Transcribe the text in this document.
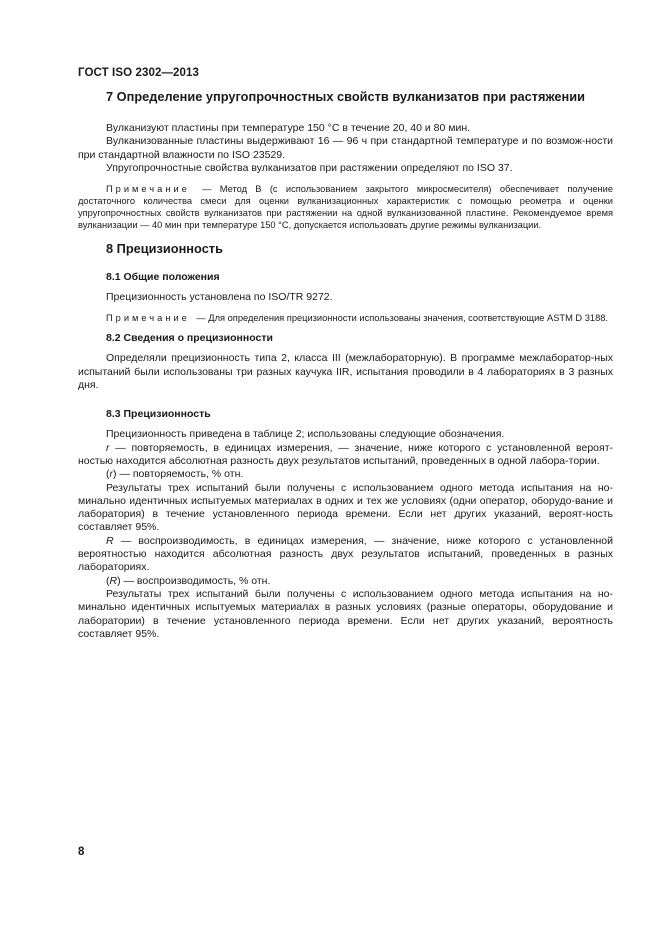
ГОСТ ISO 2302—2013
7 Определение упругопрочностных свойств вулканизатов при растяжении

Вулканизуют пластины при температуре 150 °С в течение 20, 40 и 80 мин.

Вулканизованные пластины выдерживают 16 — 96 ч при стандартной температуре и по возмож-ности при стандартной влажности по ISO 23529.

Упругопрочностные свойства вулканизатов при растяжении определяют по ISO 37.

Примечание — Метод В (с использованием закрытого микросмесителя) обеспечивает получение достаточного количества смеси для оценки вулканизационных характеристик с помощью реометра и оценки упругопрочностных свойств вулканизатов при растяжении на одной вулканизованной пластине. Рекомендуемое время вулканизации — 40 мин при температуре 150 °С, допускается использовать другие режимы вулканизации.

8 Прецизионность
8.1 Общие положения

Прецизионность установлена по ISO/TR 9272.

Примечание — Для определения прецизионности использованы значения, соответствующие ASTM D 3188.

8.2 Сведения о прецизионности

Определяли прецизионность типа 2, класса III (межлабораторную). В программе межлаборатор-ных испытаний были использованы три разных каучука IIR, испытания проводили в 4 лабораториях в 3 разных дня.

8.3 Прецизионность

Прецизионность приведена в таблице 2; использованы следующие обозначения.

r — повторяемость, в единицах измерения, — значение, ниже которого с установленной вероят-ностью находится абсолютная разность двух результатов испытаний, проведенных в одной лабора-тории.

(r) — повторяемость, % отн.

Результаты трех испытаний были получены с использованием одного метода испытания на но-минально идентичных испытуемых материалах в одних и тех же условиях (одни оператор, оборудо-вание и лаборатория) в течение установленного периода времени. Если нет других указаний, вероят-ность составляет 95%.

R — воспроизводимость, в единицах измерения, — значение, ниже которого с установленной вероятностью находится абсолютная разность двух результатов испытаний, проведенных в разных лабораториях.

(R) — воспроизводимость, % отн.

Результаты трех испытаний были получены с использованием одного метода испытания на но-минально идентичных испытуемых материалах в разных условиях (разные операторы, оборудование и лаборатории) в течение установленного периода времени. Если нет других указаний, вероятность составляет 95%.

8
